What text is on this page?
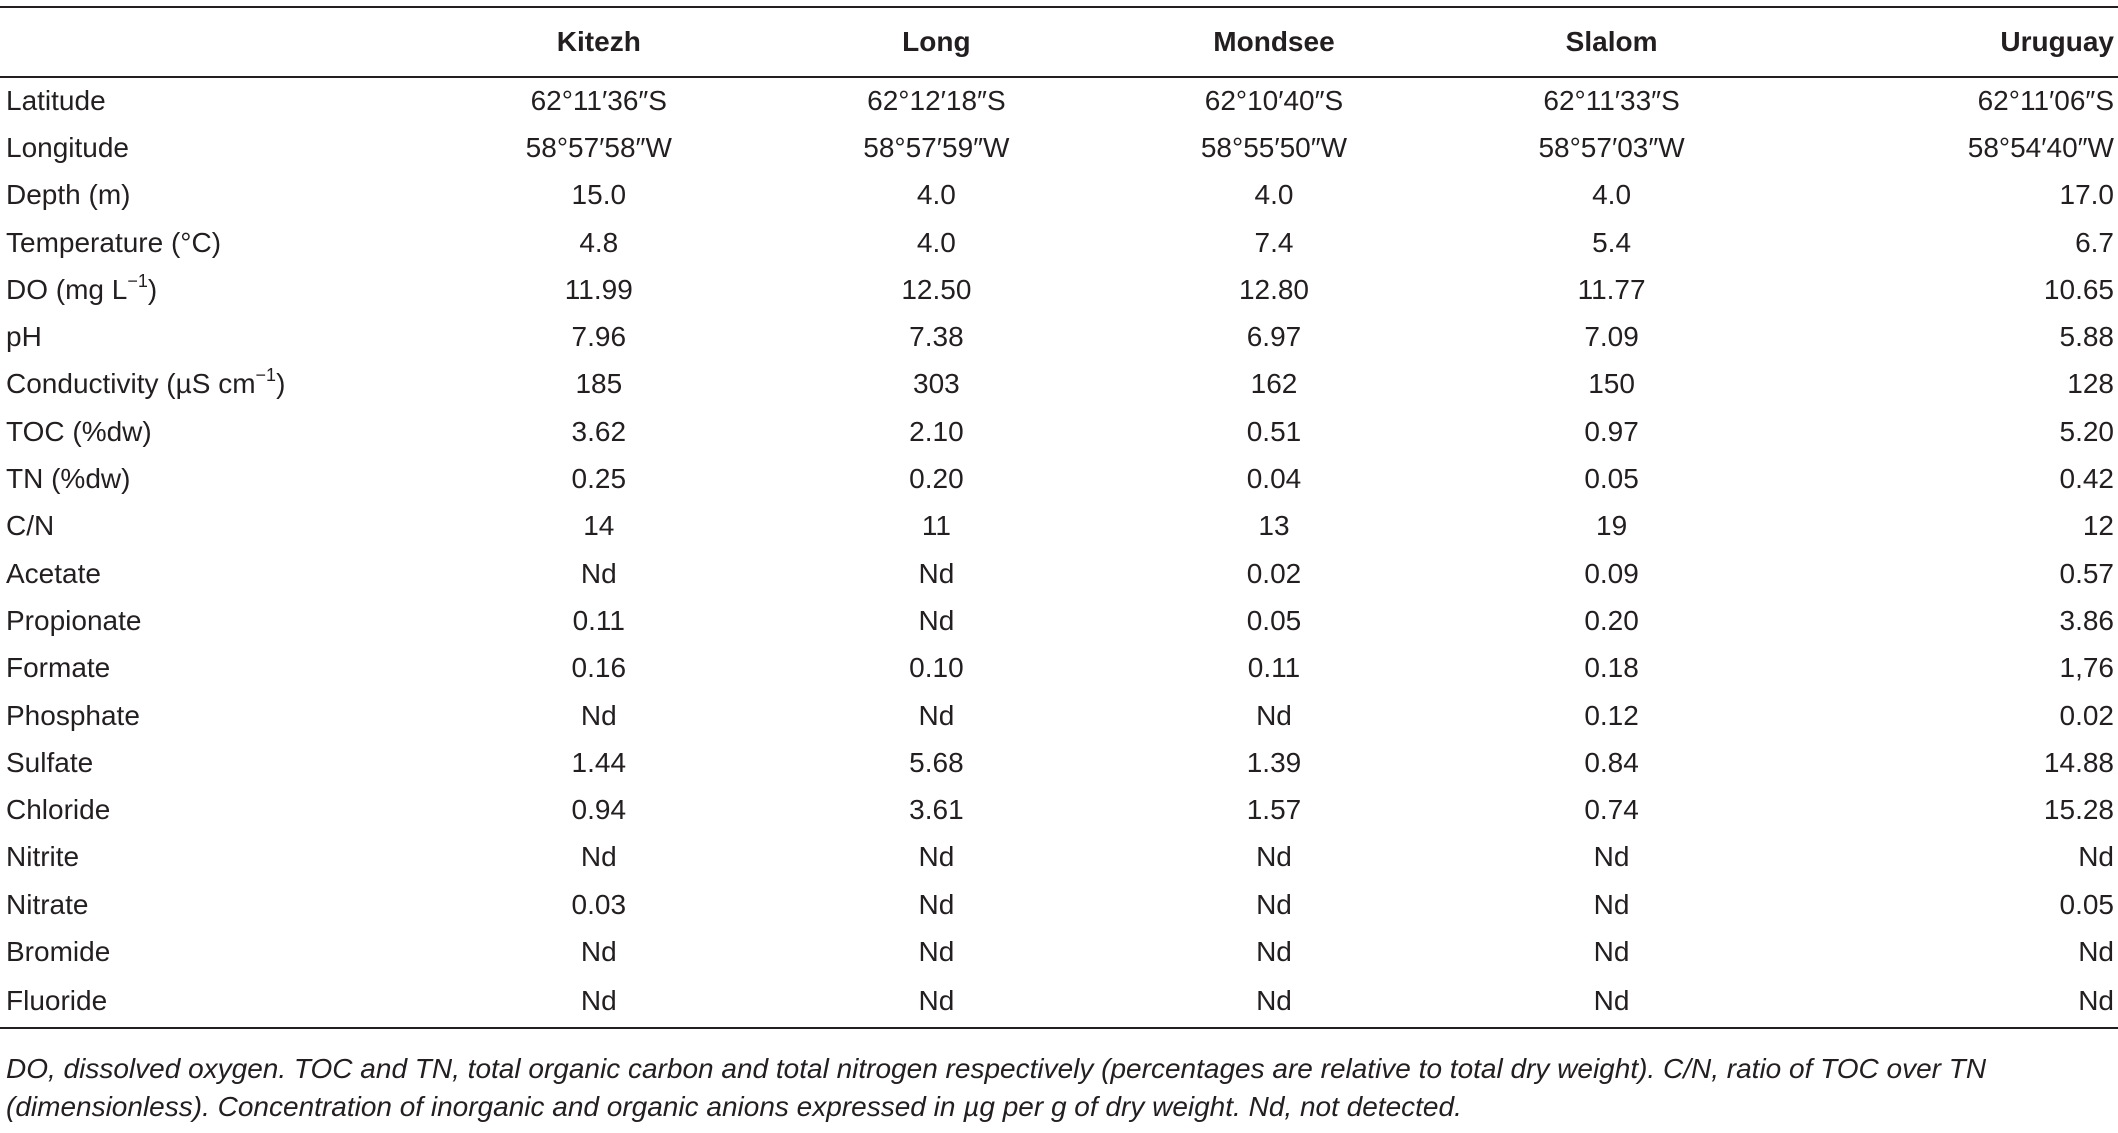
	Kitezh	Long	Mondsee	Slalom	Uruguay
Latitude	62°11′36″S	62°12′18″S	62°10′40″S	62°11′33″S	62°11′06″S
Longitude	58°57′58″W	58°57′59″W	58°55′50″W	58°57′03″W	58°54′40″W
Depth (m)	15.0	4.0	4.0	4.0	17.0
Temperature (°C)	4.8	4.0	7.4	5.4	6.7
DO (mg $L^{-1}$)	11.99	12.50	12.80	11.77	10.65
pH	7.96	7.38	6.97	7.09	5.88
Conductivity (µS $cm^{-1}$)	185	303	162	150	128
TOC (%dw)	3.62	2.10	0.51	0.97	5.20
TN (%dw)	0.25	0.20	0.04	0.05	0.42
C/N	14	11	13	19	12
Acetate	Nd	Nd	0.02	0.09	0.57
Propionate	0.11	Nd	0.05	0.20	3.86
Formate	0.16	0.10	0.11	0.18	1,76
Phosphate	Nd	Nd	Nd	0.12	0.02
Sulfate	1.44	5.68	1.39	0.84	14.88
Chloride	0.94	3.61	1.57	0.74	15.28
Nitrite	Nd	Nd	Nd	Nd	Nd
Nitrate	0.03	Nd	Nd	Nd	0.05
Bromide	Nd	Nd	Nd	Nd	Nd
Fluoride	Nd	Nd	Nd	Nd	Nd
DO, dissolved oxygen. TOC and TN, total organic carbon and total nitrogen respectively (percentages are relative to total dry weight). C/N, ratio of TOC over TN (dimensionless). Concentration of inorganic and organic anions expressed in µg per g of dry weight. Nd, not detected.
